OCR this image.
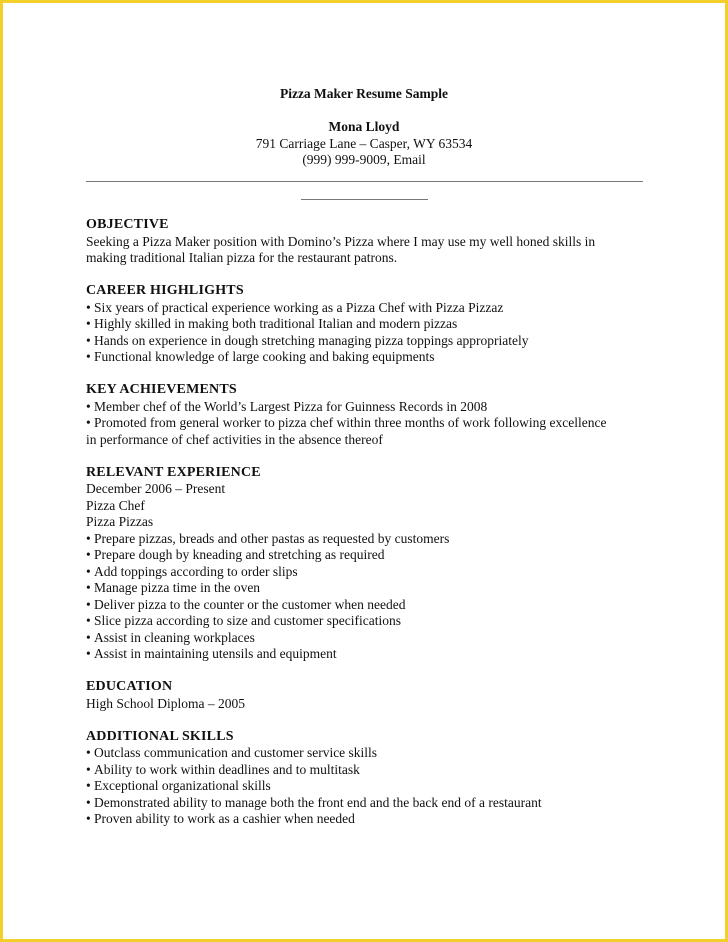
Pizza Maker Resume Sample
Mona Lloyd
791 Carriage Lane – Casper, WY 63534
(999) 999-9009, Email
OBJECTIVE
Seeking a Pizza Maker position with Domino’s Pizza where I may use my well honed skills in
making traditional Italian pizza for the restaurant patrons.
CAREER HIGHLIGHTS
• Six years of practical experience working as a Pizza Chef with Pizza Pizzaz
• Highly skilled in making both traditional Italian and modern pizzas
• Hands on experience in dough stretching managing pizza toppings appropriately
• Functional knowledge of large cooking and baking equipments
KEY ACHIEVEMENTS
• Member chef of the World’s Largest Pizza for Guinness Records in 2008
• Promoted from general worker to pizza chef within three months of work following excellence
in performance of chef activities in the absence thereof
RELEVANT EXPERIENCE
December 2006 – Present
Pizza Chef
Pizza Pizzas
• Prepare pizzas, breads and other pastas as requested by customers
• Prepare dough by kneading and stretching as required
• Add toppings according to order slips
• Manage pizza time in the oven
• Deliver pizza to the counter or the customer when needed
• Slice pizza according to size and customer specifications
• Assist in cleaning workplaces
• Assist in maintaining utensils and equipment
EDUCATION
High School Diploma – 2005
ADDITIONAL SKILLS
• Outclass communication and customer service skills
• Ability to work within deadlines and to multitask
• Exceptional organizational skills
• Demonstrated ability to manage both the front end and the back end of a restaurant
• Proven ability to work as a cashier when needed
